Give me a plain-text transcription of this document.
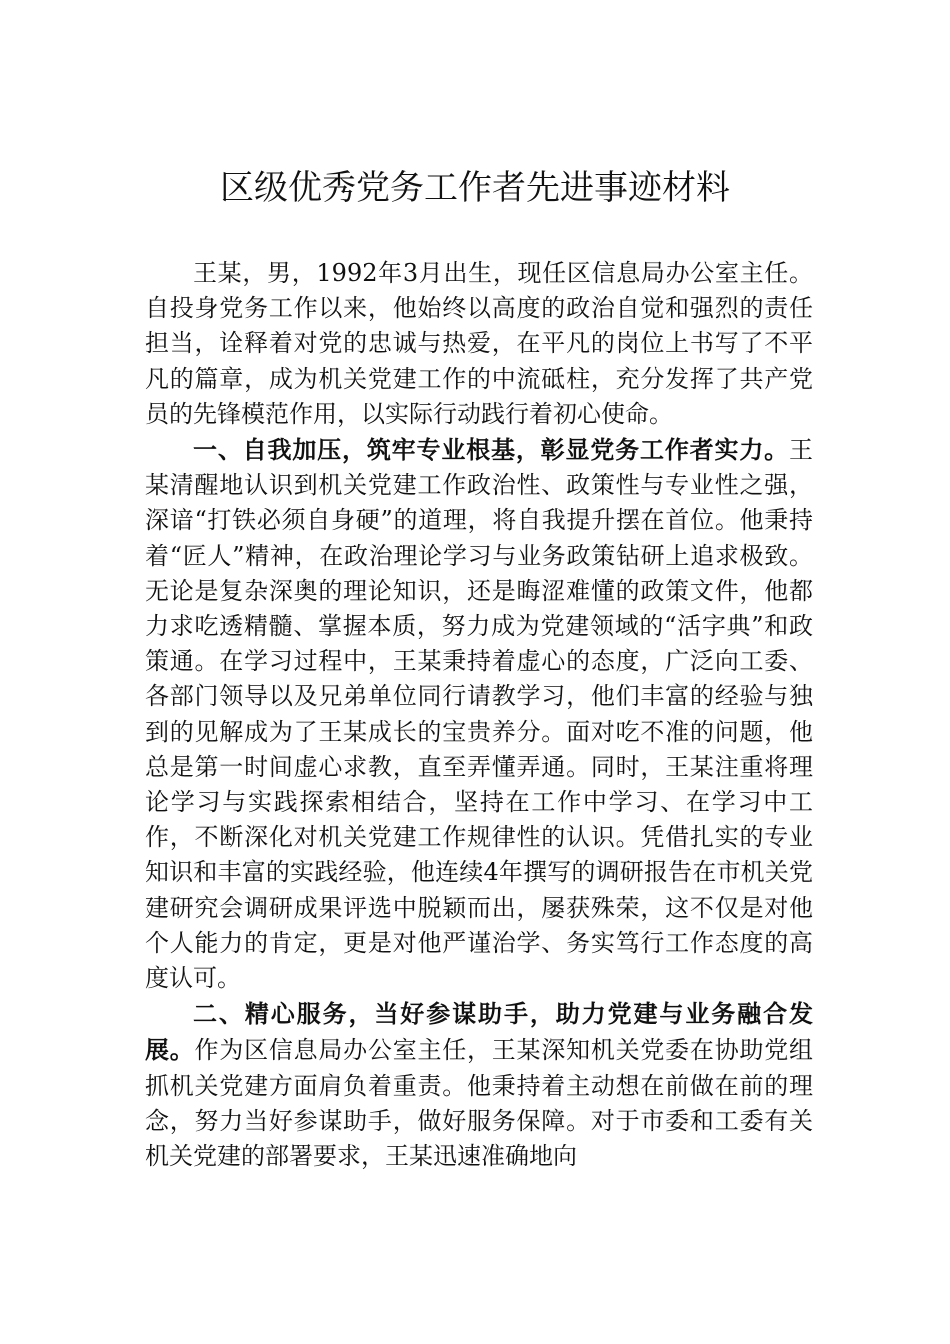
区级优秀党务工作者先进事迹材料

王某，男，1992年3月出生，现任区信息局办公室主任。自投身党务工作以来，他始终以高度的政治自觉和强烈的责任担当，诠释着对党的忠诚与热爱，在平凡的岗位上书写了不平凡的篇章，成为机关党建工作的中流砥柱，充分发挥了共产党员的先锋模范作用，以实际行动践行着初心使命。

一、自我加压，筑牢专业根基，彰显党务工作者实力。王某清醒地认识到机关党建工作政治性、政策性与专业性之强，深谙“打铁必须自身硬”的道理，将自我提升摆在首位。他秉持着“匠人”精神，在政治理论学习与业务政策钻研上追求极致。无论是复杂深奥的理论知识，还是晦涩难懂的政策文件，他都力求吃透精髓、掌握本质，努力成为党建领域的“活字典”和政策通。在学习过程中，王某秉持着虚心的态度，广泛向工委、各部门领导以及兄弟单位同行请教学习，他们丰富的经验与独到的见解成为了王某成长的宝贵养分。面对吃不准的问题，他总是第一时间虚心求教，直至弄懂弄通。同时，王某注重将理论学习与实践探索相结合，坚持在工作中学习、在学习中工作，不断深化对机关党建工作规律性的认识。凭借扎实的专业知识和丰富的实践经验，他连续4年撰写的调研报告在市机关党建研究会调研成果评选中脱颖而出，屡获殊荣，这不仅是对他个人能力的肯定，更是对他严谨治学、务实笃行工作态度的高度认可。

二、精心服务，当好参谋助手，助力党建与业务融合发展。作为区信息局办公室主任，王某深知机关党委在协助党组抓机关党建方面肩负着重责。他秉持着主动想在前做在前的理念，努力当好参谋助手，做好服务保障。对于市委和工委有关机关党建的部署要求，王某迅速准确地向
